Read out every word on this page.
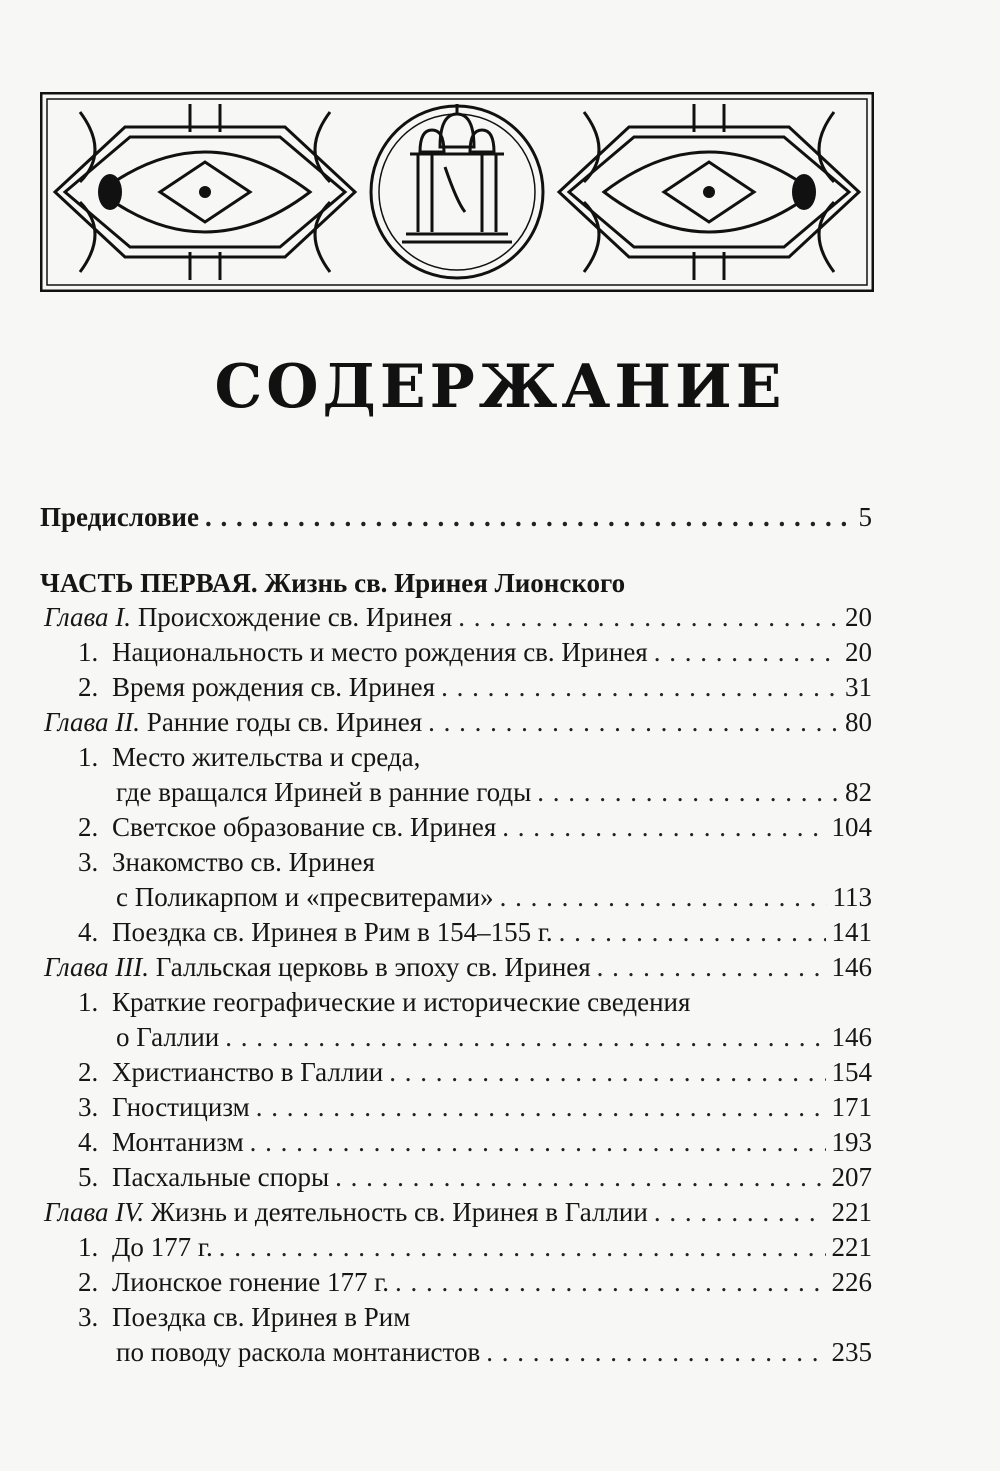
СОДЕРЖАНИЕ
Предисловие . . .	5
ЧАСТЬ ПЕРВАЯ. Жизнь св. Иринея Лионского
Глава I. Происхождение св. Иринея . . .	20
1. Национальность и место рождения св. Иринея . . .	20
2. Время рождения св. Иринея . . .	31
Глава II. Ранние годы св. Иринея . . .	80
1. Место жительства и среда,
где вращался Ириней в ранние годы . . .	82
2. Светское образование св. Иринея . . .	104
3. Знакомство св. Иринея
с Поликарпом и «пресвитерами» . . .	113
4. Поездка св. Иринея в Рим в 154–155 г. . . .	141
Глава III. Галльская церковь в эпоху св. Иринея . . .	146
1. Краткие географические и исторические сведения
о Галлии . . .	146
2. Христианство в Галлии . . .	154
3. Гностицизм . . .	171
4. Монтанизм . . .	193
5. Пасхальные споры . . .	207
Глава IV. Жизнь и деятельность св. Иринея в Галлии . . .	221
1. До 177 г. . . .	221
2. Лионское гонение 177 г. . . .	226
3. Поездка св. Иринея в Рим
по поводу раскола монтанистов . . .	235
